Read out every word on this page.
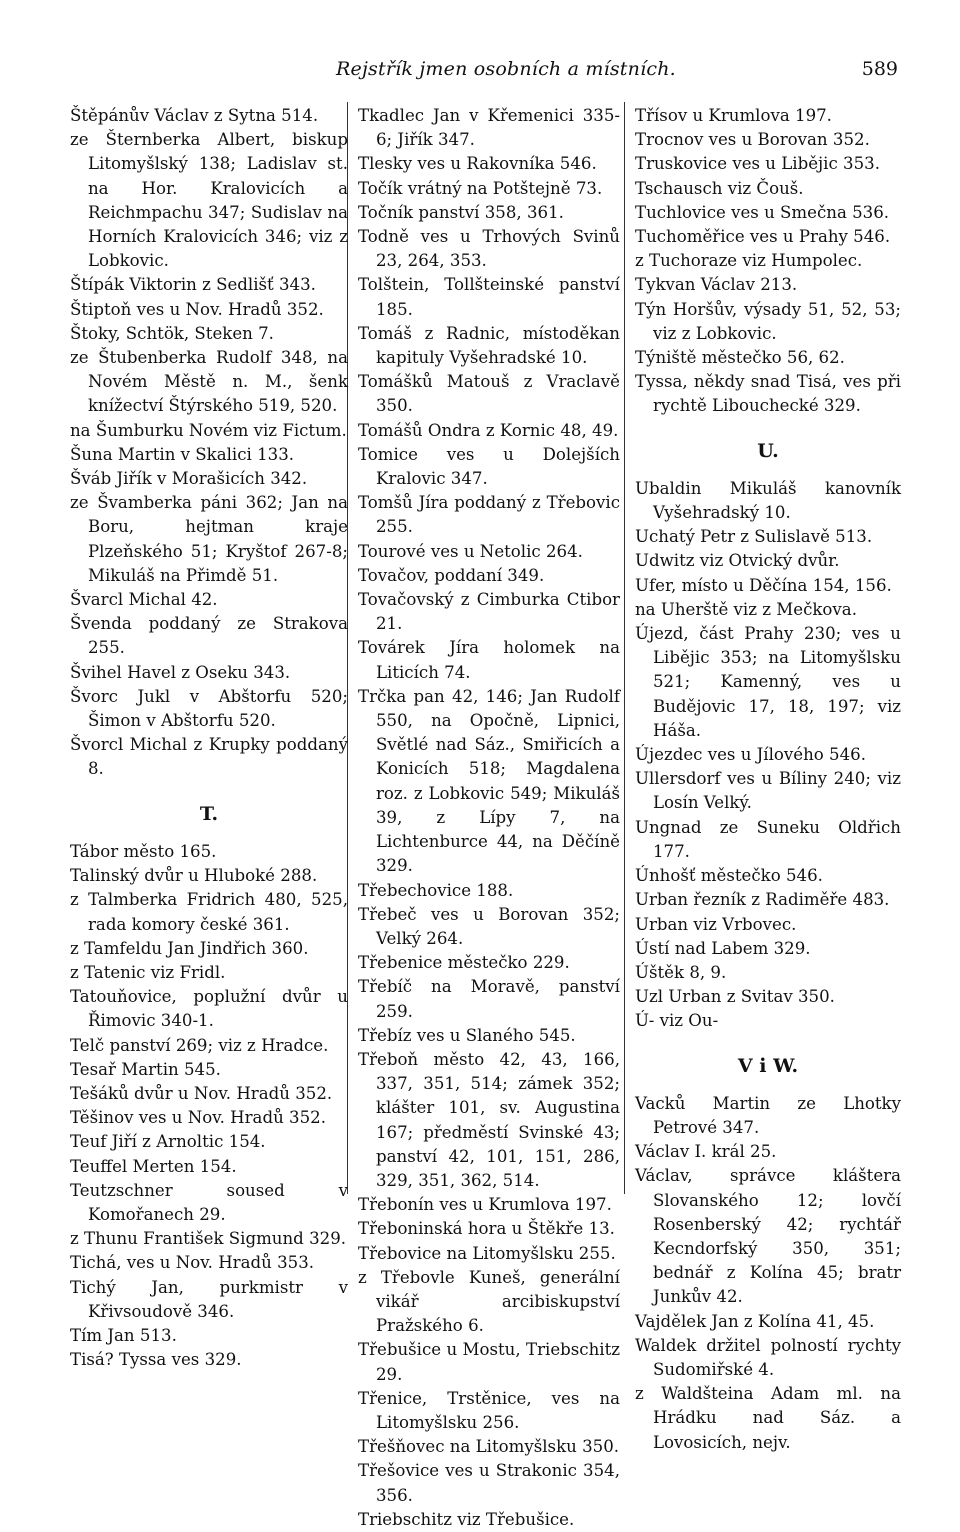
Rejstřík jmen osobních a místních.	589
Štěpánův Václav z Sytna 514.
ze Šternberka Albert, biskup Litomyšlský 138; Ladislav st. na Hor. Kralovicích a Reichmpachu 347; Sudislav na Horních Kralovicích 346; viz z Lobkovic.
Štípák Viktorin z Sedlišť 343.
Štiptoň ves u Nov. Hradů 352.
Štoky, Schtök, Steken 7.
ze Štubenberka Rudolf 348, na Novém Městě n. M., šenk knížectví Štýrského 519, 520.
na Šumburku Novém viz Fictum.
Šuna Martin v Skalici 133.
Šváb Jiřík v Morašicích 342.
ze Švamberka páni 362; Jan na Boru, hejtman kraje Plzeňského 51; Kryštof 267-8; Mikuláš na Přimdě 51.
Švarcl Michal 42.
Švenda poddaný ze Strakova 255.
Švihel Havel z Oseku 343.
Švorc Jukl v Abštorfu 520; Šimon v Abštorfu 520.
Švorcl Michal z Krupky poddaný 8.
T.
Tábor město 165.
Talinský dvůr u Hluboké 288.
z Talmberka Fridrich 480, 525, rada komory české 361.
z Tamfeldu Jan Jindřich 360.
z Tatenic viz Fridl.
Tatouňovice, poplužní dvůr u Řimovic 340-1.
Telč panství 269; viz z Hradce.
Tesař Martin 545.
Tešáků dvůr u Nov. Hradů 352.
Těšinov ves u Nov. Hradů 352.
Teuf Jiří z Arnoltic 154.
Teuffel Merten 154.
Teutzschner soused v Komořanech 29.
z Thunu František Sigmund 329.
Tichá, ves u Nov. Hradů 353.
Tichý Jan, purkmistr v Křivsoudově 346.
Tím Jan 513.
Tisá? Tyssa ves 329.
Tkadlec Jan v Křemenici 335-6; Jiřík 347.
Tlesky ves u Rakovníka 546.
Točík vrátný na Potštejně 73.
Točník panství 358, 361.
Todně ves u Trhových Svinů 23, 264, 353.
Tolštein, Tollšteinské panství 185.
Tomáš z Radnic, místoděkan kapituly Vyšehradské 10.
Tomášků Matouš z Vraclavě 350.
Tomášů Ondra z Kornic 48, 49.
Tomice ves u Dolejších Kralovic 347.
Tomšů Jíra poddaný z Třebovic 255.
Tourové ves u Netolic 264.
Tovačov, poddaní 349.
Tovačovský z Cimburka Ctibor 21.
Továrek Jíra holomek na Liticích 74.
Trčka pan 42, 146; Jan Rudolf 550, na Opočně, Lipnici, Světlé nad Sáz., Smiřicích a Konicích 518; Magdalena roz. z Lobkovic 549; Mikuláš 39, z Lípy 7, na Lichtenburce 44, na Děčíně 329.
Třebechovice 188.
Třebeč ves u Borovan 352; Velký 264.
Třebenice městečko 229.
Třebíč na Moravě, panství 259.
Třebíz ves u Slaného 545.
Třeboň město 42, 43, 166, 337, 351, 514; zámek 352; klášter 101, sv. Augustina 167; předměstí Svinské 43; panství 42, 101, 151, 286, 329, 351, 362, 514.
Třebonín ves u Krumlova 197.
Třeboninská hora u Štěkře 13.
Třebovice na Litomyšlsku 255.
z Třebovle Kuneš, generální vikář arcibiskupství Pražského 6.
Třebušice u Mostu, Triebschitz 29.
Třenice, Trstěnice, ves na Litomyšlsku 256.
Třešňovec na Litomyšlsku 350.
Třešovice ves u Strakonic 354, 356.
Triebschitz viz Třebušice.
Třísov u Krumlova 197.
Trocnov ves u Borovan 352.
Truskovice ves u Libějic 353.
Tschausch viz Čouš.
Tuchlovice ves u Smečna 536.
Tuchoměřice ves u Prahy 546.
z Tuchoraze viz Humpolec.
Tykvan Václav 213.
Týn Horšův, výsady 51, 52, 53; viz z Lobkovic.
Týniště městečko 56, 62.
Tyssa, někdy snad Tisá, ves při rychtě Libouchecké 329.
U.
Ubaldin Mikuláš kanovník Vyšehradský 10.
Uchatý Petr z Sulislavě 513.
Udwitz viz Otvický dvůr.
Ufer, místo u Děčína 154, 156.
na Uherště viz z Mečkova.
Újezd, část Prahy 230; ves u Libějic 353; na Litomyšlsku 521; Kamenný, ves u Budějovic 17, 18, 197; viz Háša.
Újezdec ves u Jílového 546.
Ullersdorf ves u Bíliny 240; viz Losín Velký.
Ungnad ze Suneku Oldřich 177.
Únhošť městečko 546.
Urban řezník z Radiměře 483.
Urban viz Vrbovec.
Ústí nad Labem 329.
Úštěk 8, 9.
Uzl Urban z Svitav 350.
Ú- viz Ou-
V i W.
Vacků Martin ze Lhotky Petrové 347.
Václav I. král 25.
Václav, správce kláštera Slovanského 12; lovčí Rosenberský 42; rychtář Kecndorfský 350, 351; bednář z Kolína 45; bratr Junkův 42.
Vajdělek Jan z Kolína 41, 45.
Waldek držitel polností rychty Sudomiřské 4.
z Waldšteina Adam ml. na Hrádku nad Sáz. a Lovosicích, nejv.
